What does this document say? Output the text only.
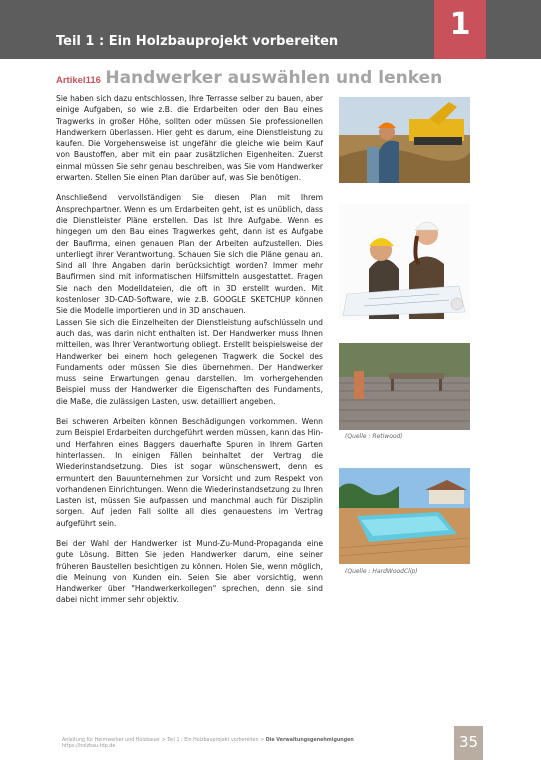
Teil 1 : Ein Holzbauprojekt vorbereiten	1
Artikel116 Handwerker auswählen und lenken

Sie haben sich dazu entschlossen, Ihre Terrasse selber zu bauen, aber einige Aufgaben, so wie z.B. die Erdarbeiten oder den Bau eines Tragwerks in großer Höhe, sollten oder müssen Sie professionellen Handwerkern überlassen. Hier geht es darum, eine Dienstleistung zu kaufen. Die Vorgehensweise ist ungefähr die gleiche wie beim Kauf von Baustoffen, aber mit ein paar zusätzlichen Eigenheiten. Zuerst einmal müssen Sie sehr genau beschreiben, was Sie vom Handwerker erwarten. Stellen Sie einen Plan darüber auf, was Sie benötigen.

Anschließend vervollständigen Sie diesen Plan mit Ihrem Ansprechpartner. Wenn es um Erdarbeiten geht, ist es unüblich, dass die Dienstleister Pläne erstellen. Das ist Ihre Aufgabe. Wenn es hingegen um den Bau eines Tragwerkes geht, dann ist es Aufgabe der Baufirma, einen genauen Plan der Arbeiten aufzustellen. Dies unterliegt ihrer Verantwortung. Schauen Sie sich die Pläne genau an. Sind all Ihre Angaben darin berücksichtigt worden? Immer mehr Baufirmen sind mit informatischen Hilfsmitteln ausgestattet. Fragen Sie nach den Modelldateien, die oft in 3D erstellt wurden. Mit kostenloser 3D-CAD-Software, wie z.B. GOOGLE SKETCHUP können Sie die Modelle importieren und in 3D anschauen.

Lassen Sie sich die Einzelheiten der Dienstleistung aufschlüsseln und auch das, was darin nicht enthalten ist. Der Handwerker muss Ihnen mitteilen, was Ihrer Verantwortung obliegt. Erstellt beispielsweise der Handwerker bei einem hoch gelegenen Tragwerk die Sockel des Fundaments oder müssen Sie dies übernehmen. Der Handwerker muss seine Erwartungen genau darstellen. Im vorhergehenden Beispiel muss der Handwerker die Eigenschaften des Fundaments, die Maße, die zulässigen Lasten, usw. detailliert angeben.

Bei schweren Arbeiten können Beschädigungen vorkommen. Wenn zum Beispiel Erdarbeiten durchgeführt werden müssen, kann das Hin- und Herfahren eines Baggers dauerhafte Spuren in Ihrem Garten hinterlassen. In einigen Fällen beinhaltet der Vertrag die Wiederinstandsetzung. Dies ist sogar wünschenswert, denn es ermuntert den Bauunternehmen zur Vorsicht und zum Respekt von vorhandenen Einrichtungen. Wenn die Wiederinstandsetzung zu Ihren Lasten ist, müssen Sie aufpassen und manchmal auch für Disziplin sorgen. Auf jeden Fall sollte all dies genauestens im Vertrag aufgeführt sein.

Bei der Wahl der Handwerker ist Mund-Zu-Mund-Propaganda eine gute Lösung. Bitten Sie jeden Handwerker darum, eine seiner früheren Baustellen besichtigen zu können. Holen Sie, wenn möglich, die Meinung von Kunden ein. Seien Sie aber vorsichtig, wenn Handwerker über "Handwerkerkollegen" sprechen, denn sie sind dabei nicht immer sehr objektiv.

(Quelle : Retiwood)
(Quelle : HardWoodClip)
Anleitung für Heimwerker und Holzbauer > Teil 1 : Ein Holzbauprojekt vorbereiten > Die Verwaltungsgenehmigungen
https://holzbau-tdp.de	35
